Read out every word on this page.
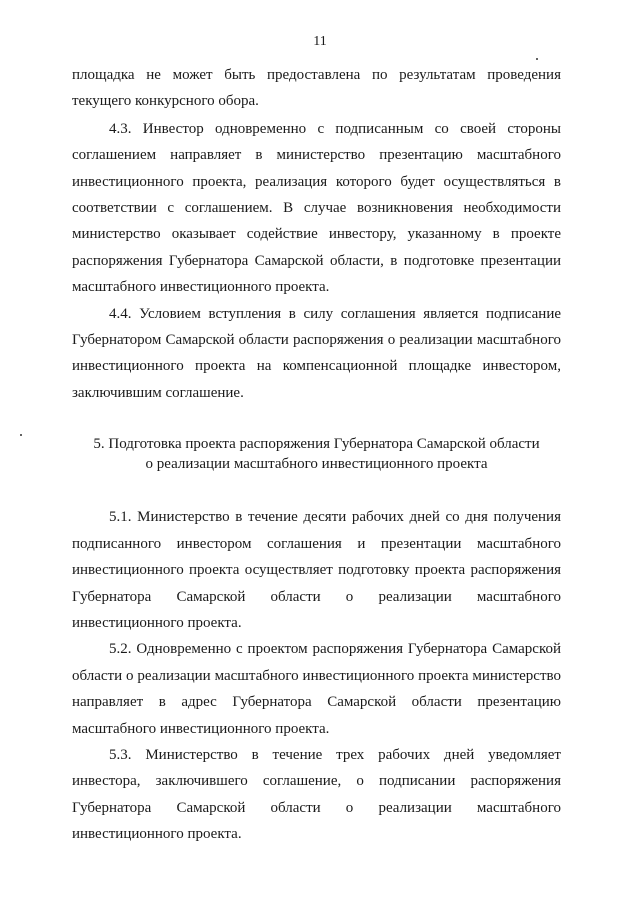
11

площадка не может быть предоставлена по результатам проведения текущего конкурсного обора.

4.3. Инвестор одновременно с подписанным со своей стороны соглашением направляет в министерство презентацию масштабного инвестиционного проекта, реализация которого будет осуществляться в соответствии с соглашением. В случае возникновения необходимости министерство оказывает содействие инвестору, указанному в проекте распоряжения Губернатора Самарской области, в подготовке презентации масштабного инвестиционного проекта.

4.4. Условием вступления в силу соглашения является подписание Губернатором Самарской области распоряжения о реализации масштабного инвестиционного проекта на компенсационной площадке инвестором, заключившим соглашение.

5. Подготовка проекта распоряжения Губернатора Самарской области

о реализации масштабного инвестиционного проекта

5.1. Министерство в течение десяти рабочих дней со дня получения подписанного инвестором соглашения и презентации масштабного инвестиционного проекта осуществляет подготовку проекта распоряжения Губернатора Самарской области о реализации масштабного инвестиционного проекта.

5.2. Одновременно с проектом распоряжения Губернатора Самарской области о реализации масштабного инвестиционного проекта министерство направляет в адрес Губернатора Самарской области презентацию масштабного инвестиционного проекта.

5.3. Министерство в течение трех рабочих дней уведомляет инвестора, заключившего соглашение, о подписании распоряжения Губернатора Самарской области о реализации масштабного инвестиционного проекта.
